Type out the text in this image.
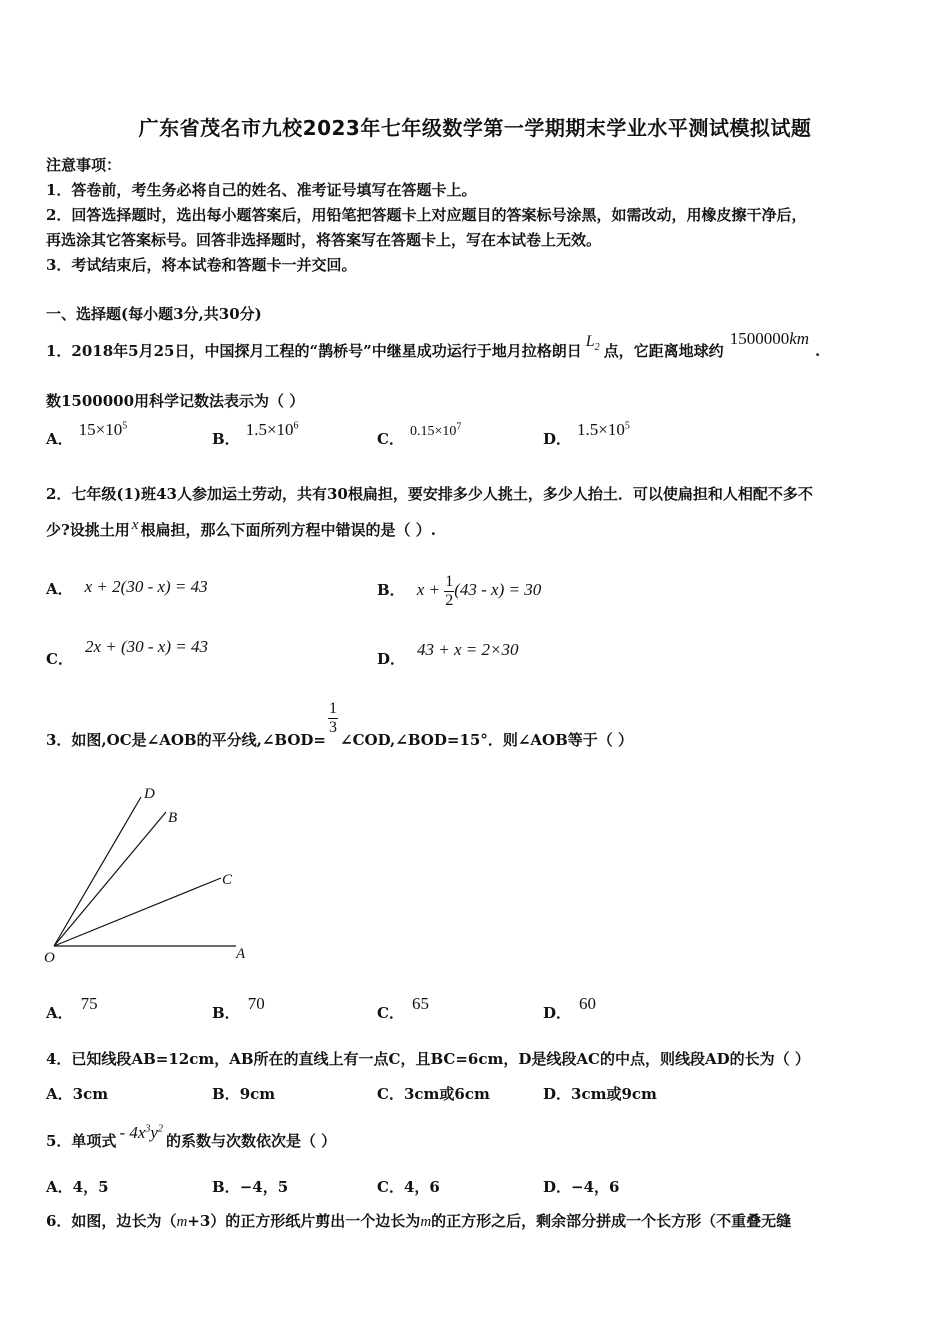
广东省茂名市九校2023年七年级数学第一学期期末学业水平测试模拟试题
注意事项：
1．答卷前，考生务必将自己的姓名、准考证号填写在答题卡上。
2．回答选择题时，选出每小题答案后，用铅笔把答题卡上对应题目的答案标号涂黑，如需改动，用橡皮擦干净后，
再选涂其它答案标号。回答非选择题时，将答案写在答题卡上，写在本试卷上无效。
3．考试结束后，将本试卷和答题卡一并交回。
一、选择题(每小题3分,共30分)
1．2018年5月25日，中国探月工程的“鹊桥号”中继星成功运行于地月拉格朗日$L_2$ 点，它距离地球约1500000km.
数1500000用科学记数法表示为（ ）
A． $15\times 10^5$
B． $1.5\times 10^6$
C． $0.15\times 10^7$
D． $1.5\times 10^5$
2．七年级(1)班43人参加运土劳动，共有30根扁担，要安排多少人挑土，多少人抬土．可以使扁担和人相配不多不
少?设挑土用 x 根扁担，那么下面所列方程中错误的是（ ）.
A． x + 2(30 - x) = 43	B． $x + \frac{1}{2} (43 - x) = 30$
C．2x + (30 - x) = 43
D． 43 + x = 2×30
3．如图,OC是∠AOB的平分线,∠BOD=
$\frac{1}{3}$
∠COD,∠BOD=15°．则∠AOB等于（ ）
O	A
C
B
D
A． 75	B． 70	C． 65	D． 60
4．已知线段AB=12cm，AB所在的直线上有一点C，且BC=6cm，D是线段AC的中点，则线段AD的长为（ ）
A．3cm	B．9cm	C．3cm或6cm	D．3cm或9cm
5．单项式 - $4x^3y^2$的系数与次数依次是（ ）
A．4，5	B．−4，5	C．4，6	D．−4，6
6．如图，边长为（m+3）的正方形纸片剪出一个边长为m的正方形之后，剩余部分拼成一个长方形（不重叠无缝
